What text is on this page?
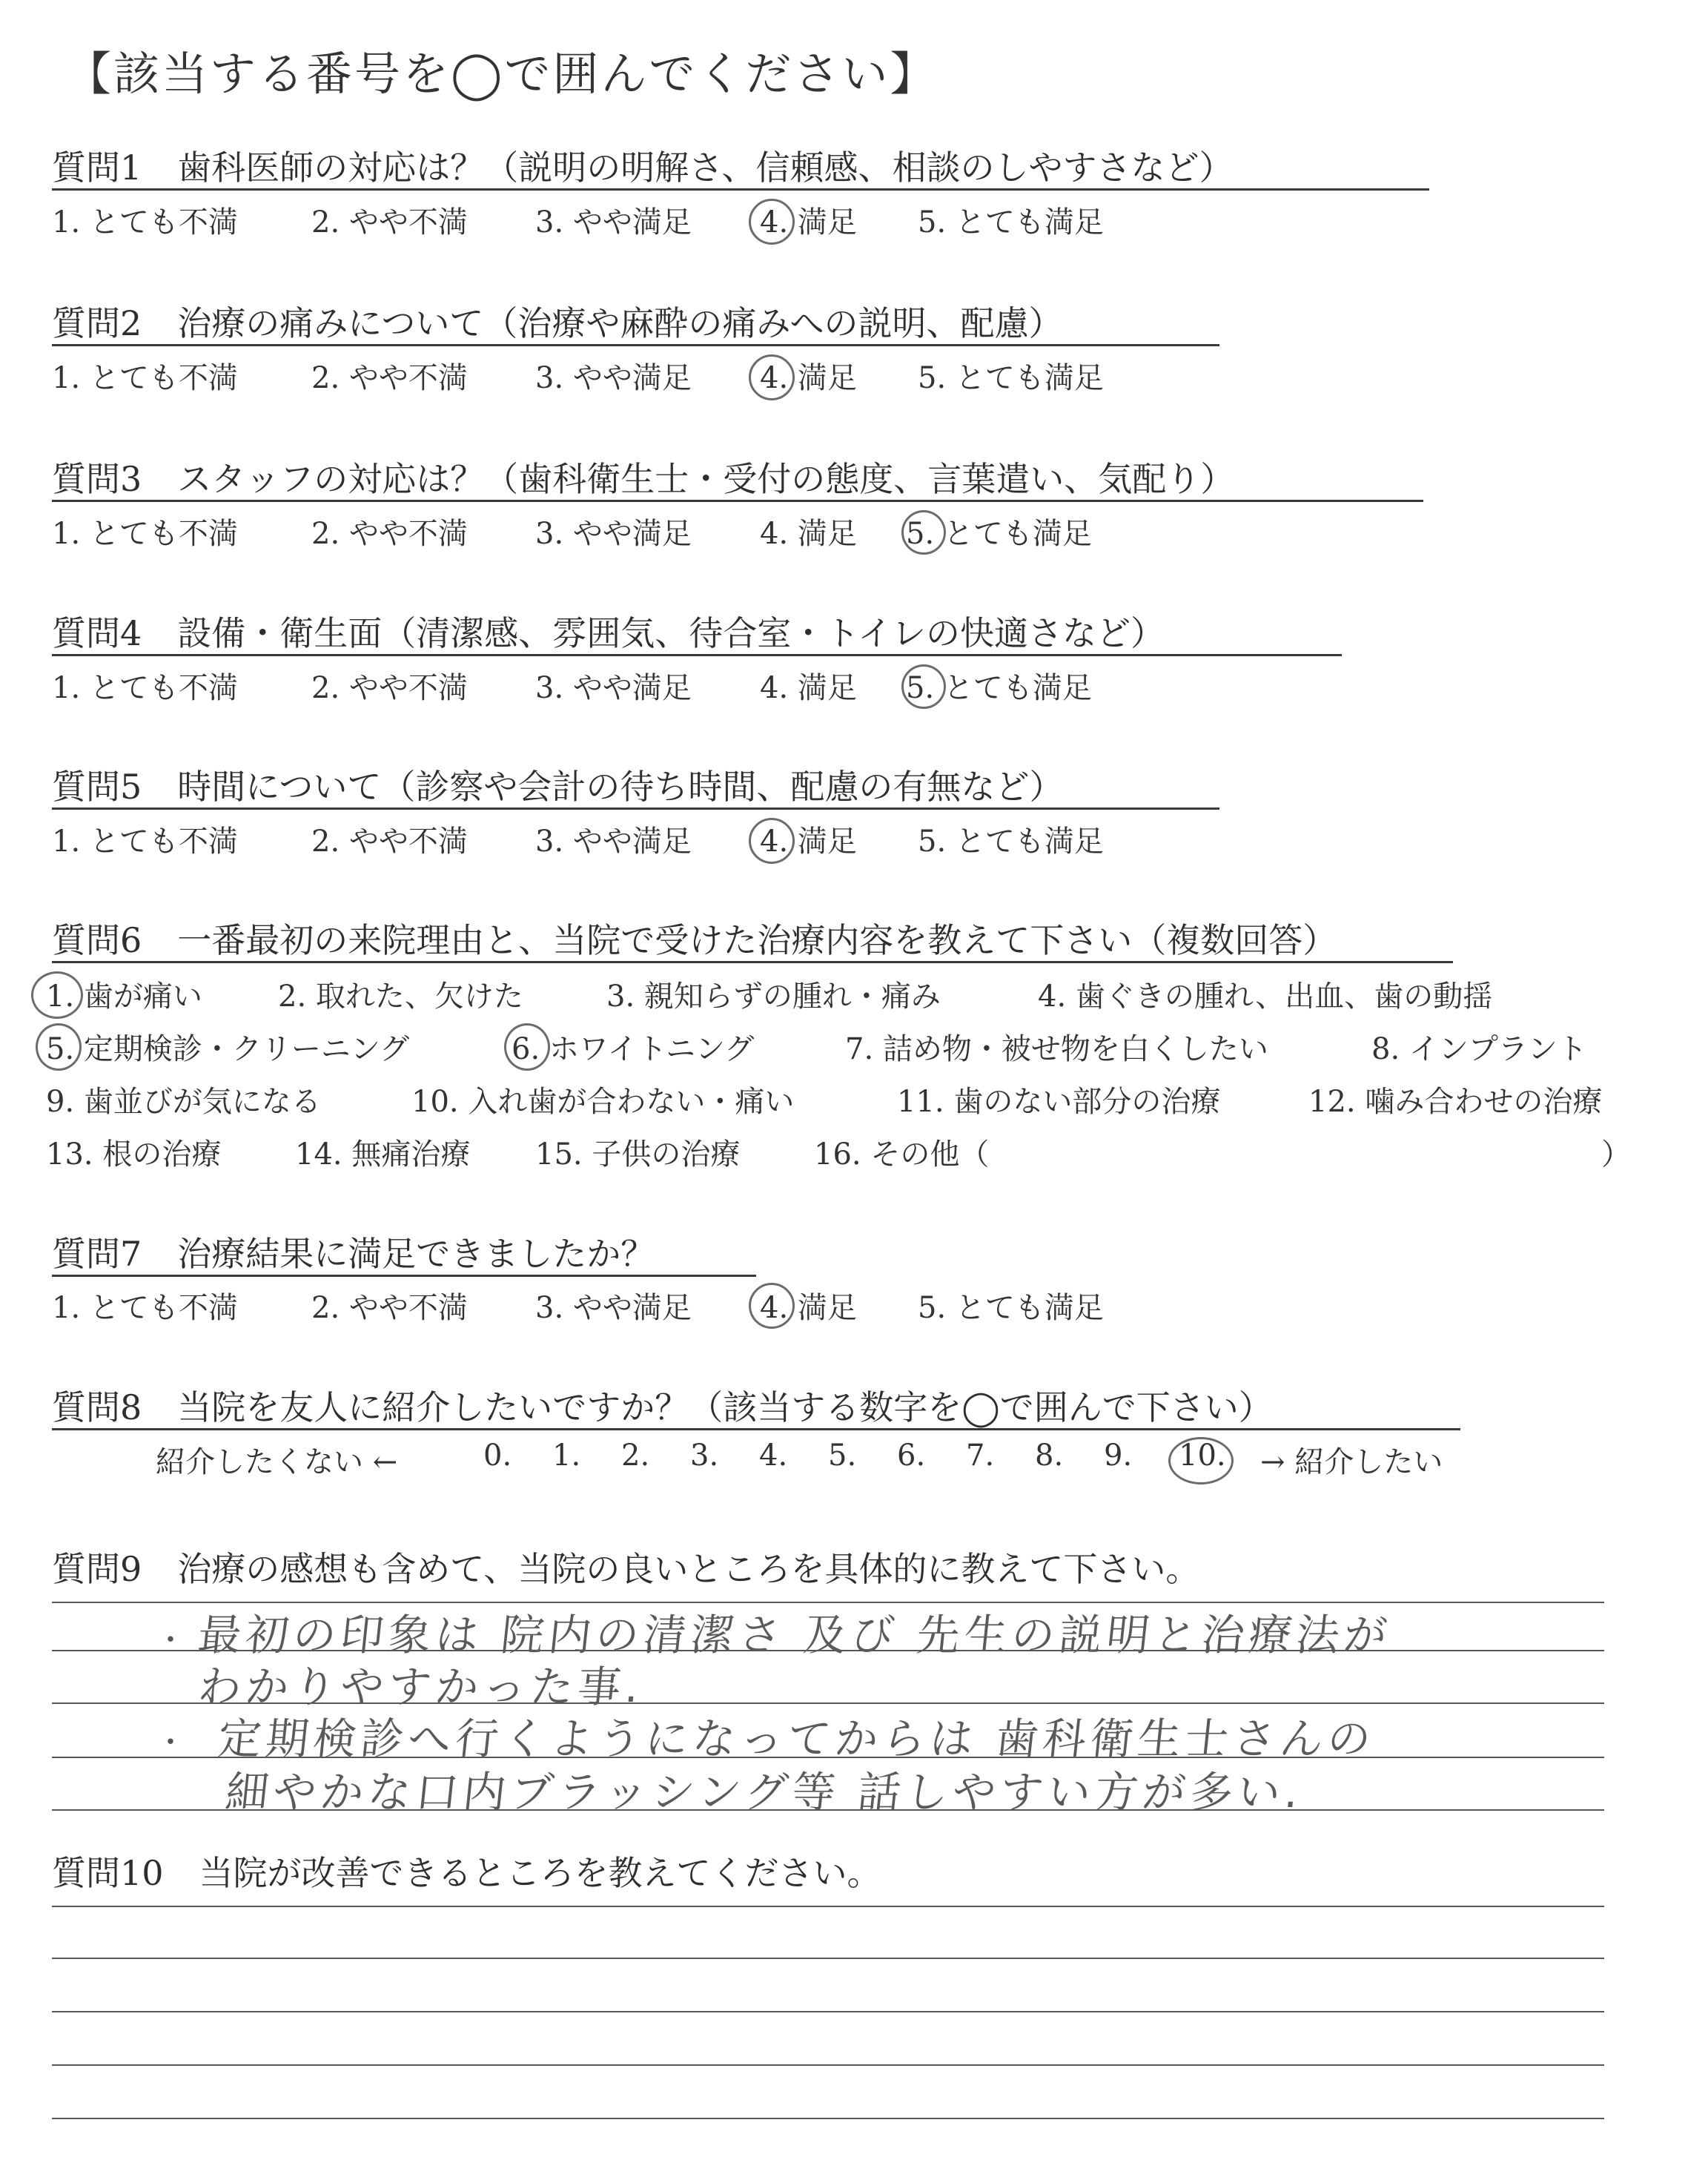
【該当する番号を◯で囲んでください】
質問1 歯科医師の対応は？（説明の明解さ、信頼感、相談のしやすさなど）
1. とても不満 2. やや不満 3. やや満足 4. 満足 5. とても満足
質問2 治療の痛みについて（治療や麻酔の痛みへの説明、配慮）
1. とても不満 2. やや不満 3. やや満足 4. 満足 5. とても満足
質問3 スタッフの対応は？（歯科衛生士・受付の態度、言葉遣い、気配り）
1. とても不満 2. やや不満 3. やや満足 4. 満足 5. とても満足
質問4 設備・衛生面（清潔感、雰囲気、待合室・トイレの快適さなど）
1. とても不満 2. やや不満 3. やや満足 4. 満足 5. とても満足
質問5 時間について（診察や会計の待ち時間、配慮の有無など）
1. とても不満 2. やや不満 3. やや満足 4. 満足 5. とても満足
質問6 一番最初の来院理由と、当院で受けた治療内容を教えて下さい（複数回答）
1. 歯が痛い	2. 取れた、欠けた	3. 親知らずの腫れ・痛み	4. 歯ぐきの腫れ、出血、歯の動揺
5. 定期検診・クリーニング	6. ホワイトニング	7. 詰め物・被せ物を白くしたい	8. インプラント
9. 歯並びが気になる	10. 入れ歯が合わない・痛い	11. 歯のない部分の治療	12. 噛み合わせの治療
13. 根の治療 14. 無痛治療 15. 子供の治療 16. その他（	）
質問7 治療結果に満足できましたか？
1. とても不満 2. やや不満 3. やや満足 4. 満足 5. とても満足
質問8 当院を友人に紹介したいですか？（該当する数字を◯で囲んで下さい）
紹介したくない ←	0. 1. 2. 3. 4. 5. 6. 7. 8. 9. 10. → 紹介したい
質問9 治療の感想も含めて、当院の良いところを具体的に教えて下さい。
・ 最初の印象は 院内の清潔さ 及び 先生の説明と治療法が
わかりやすかった事.
・ 定期検診へ行くようになってからは 歯科衛生士さんの
細やかな口内ブラッシング等 話しやすい方が多い.
質問10 当院が改善できるところを教えてください。
